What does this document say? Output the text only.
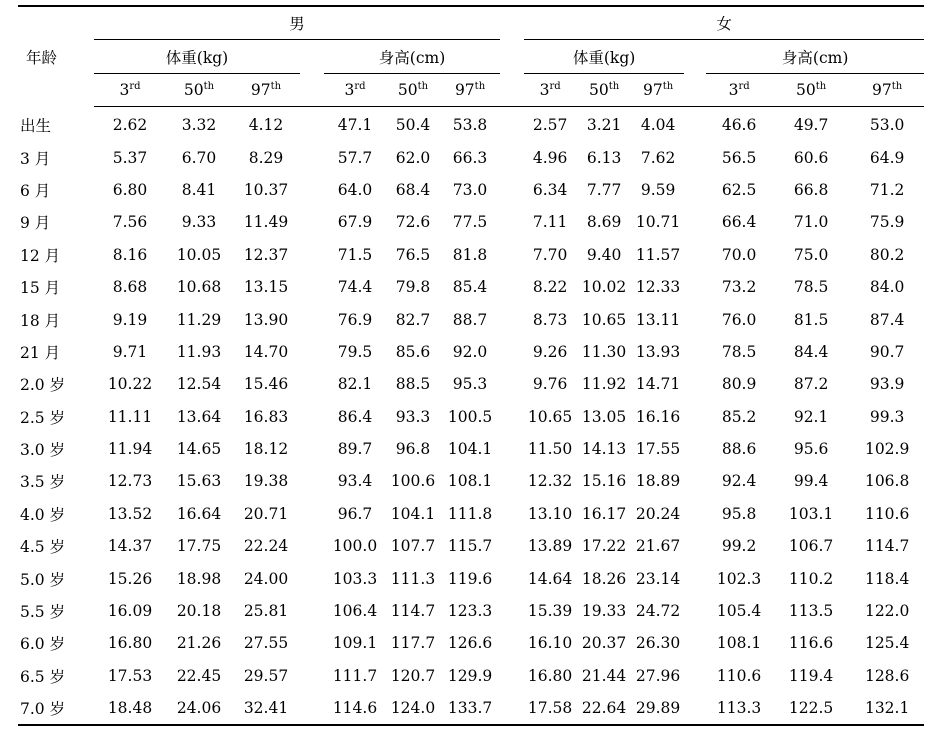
年龄	男								女						
	体重(kg)				身高(cm)				体重(kg)				身高(cm)		
	3rd	50th	97th		3rd	50th	97th		3rd	50th	97th		3rd	50th	97th
出生	2.62	3.32	4.12		47.1	50.4	53.8		2.57	3.21	4.04		46.6	49.7	53.0
3 月	5.37	6.70	8.29		57.7	62.0	66.3		4.96	6.13	7.62		56.5	60.6	64.9
6 月	6.80	8.41	10.37		64.0	68.4	73.0		6.34	7.77	9.59		62.5	66.8	71.2
9 月	7.56	9.33	11.49		67.9	72.6	77.5		7.11	8.69	10.71		66.4	71.0	75.9
12 月	8.16	10.05	12.37		71.5	76.5	81.8		7.70	9.40	11.57		70.0	75.0	80.2
15 月	8.68	10.68	13.15		74.4	79.8	85.4		8.22	10.02	12.33		73.2	78.5	84.0
18 月	9.19	11.29	13.90		76.9	82.7	88.7		8.73	10.65	13.11		76.0	81.5	87.4
21 月	9.71	11.93	14.70		79.5	85.6	92.0		9.26	11.30	13.93		78.5	84.4	90.7
2.0 岁	10.22	12.54	15.46		82.1	88.5	95.3		9.76	11.92	14.71		80.9	87.2	93.9
2.5 岁	11.11	13.64	16.83		86.4	93.3	100.5		10.65	13.05	16.16		85.2	92.1	99.3
3.0 岁	11.94	14.65	18.12		89.7	96.8	104.1		11.50	14.13	17.55		88.6	95.6	102.9
3.5 岁	12.73	15.63	19.38		93.4	100.6	108.1		12.32	15.16	18.89		92.4	99.4	106.8
4.0 岁	13.52	16.64	20.71		96.7	104.1	111.8		13.10	16.17	20.24		95.8	103.1	110.6
4.5 岁	14.37	17.75	22.24		100.0	107.7	115.7		13.89	17.22	21.67		99.2	106.7	114.7
5.0 岁	15.26	18.98	24.00		103.3	111.3	119.6		14.64	18.26	23.14		102.3	110.2	118.4
5.5 岁	16.09	20.18	25.81		106.4	114.7	123.3		15.39	19.33	24.72		105.4	113.5	122.0
6.0 岁	16.80	21.26	27.55		109.1	117.7	126.6		16.10	20.37	26.30		108.1	116.6	125.4
6.5 岁	17.53	22.45	29.57		111.7	120.7	129.9		16.80	21.44	27.96		110.6	119.4	128.6
7.0 岁	18.48	24.06	32.41		114.6	124.0	133.7		17.58	22.64	29.89		113.3	122.5	132.1
